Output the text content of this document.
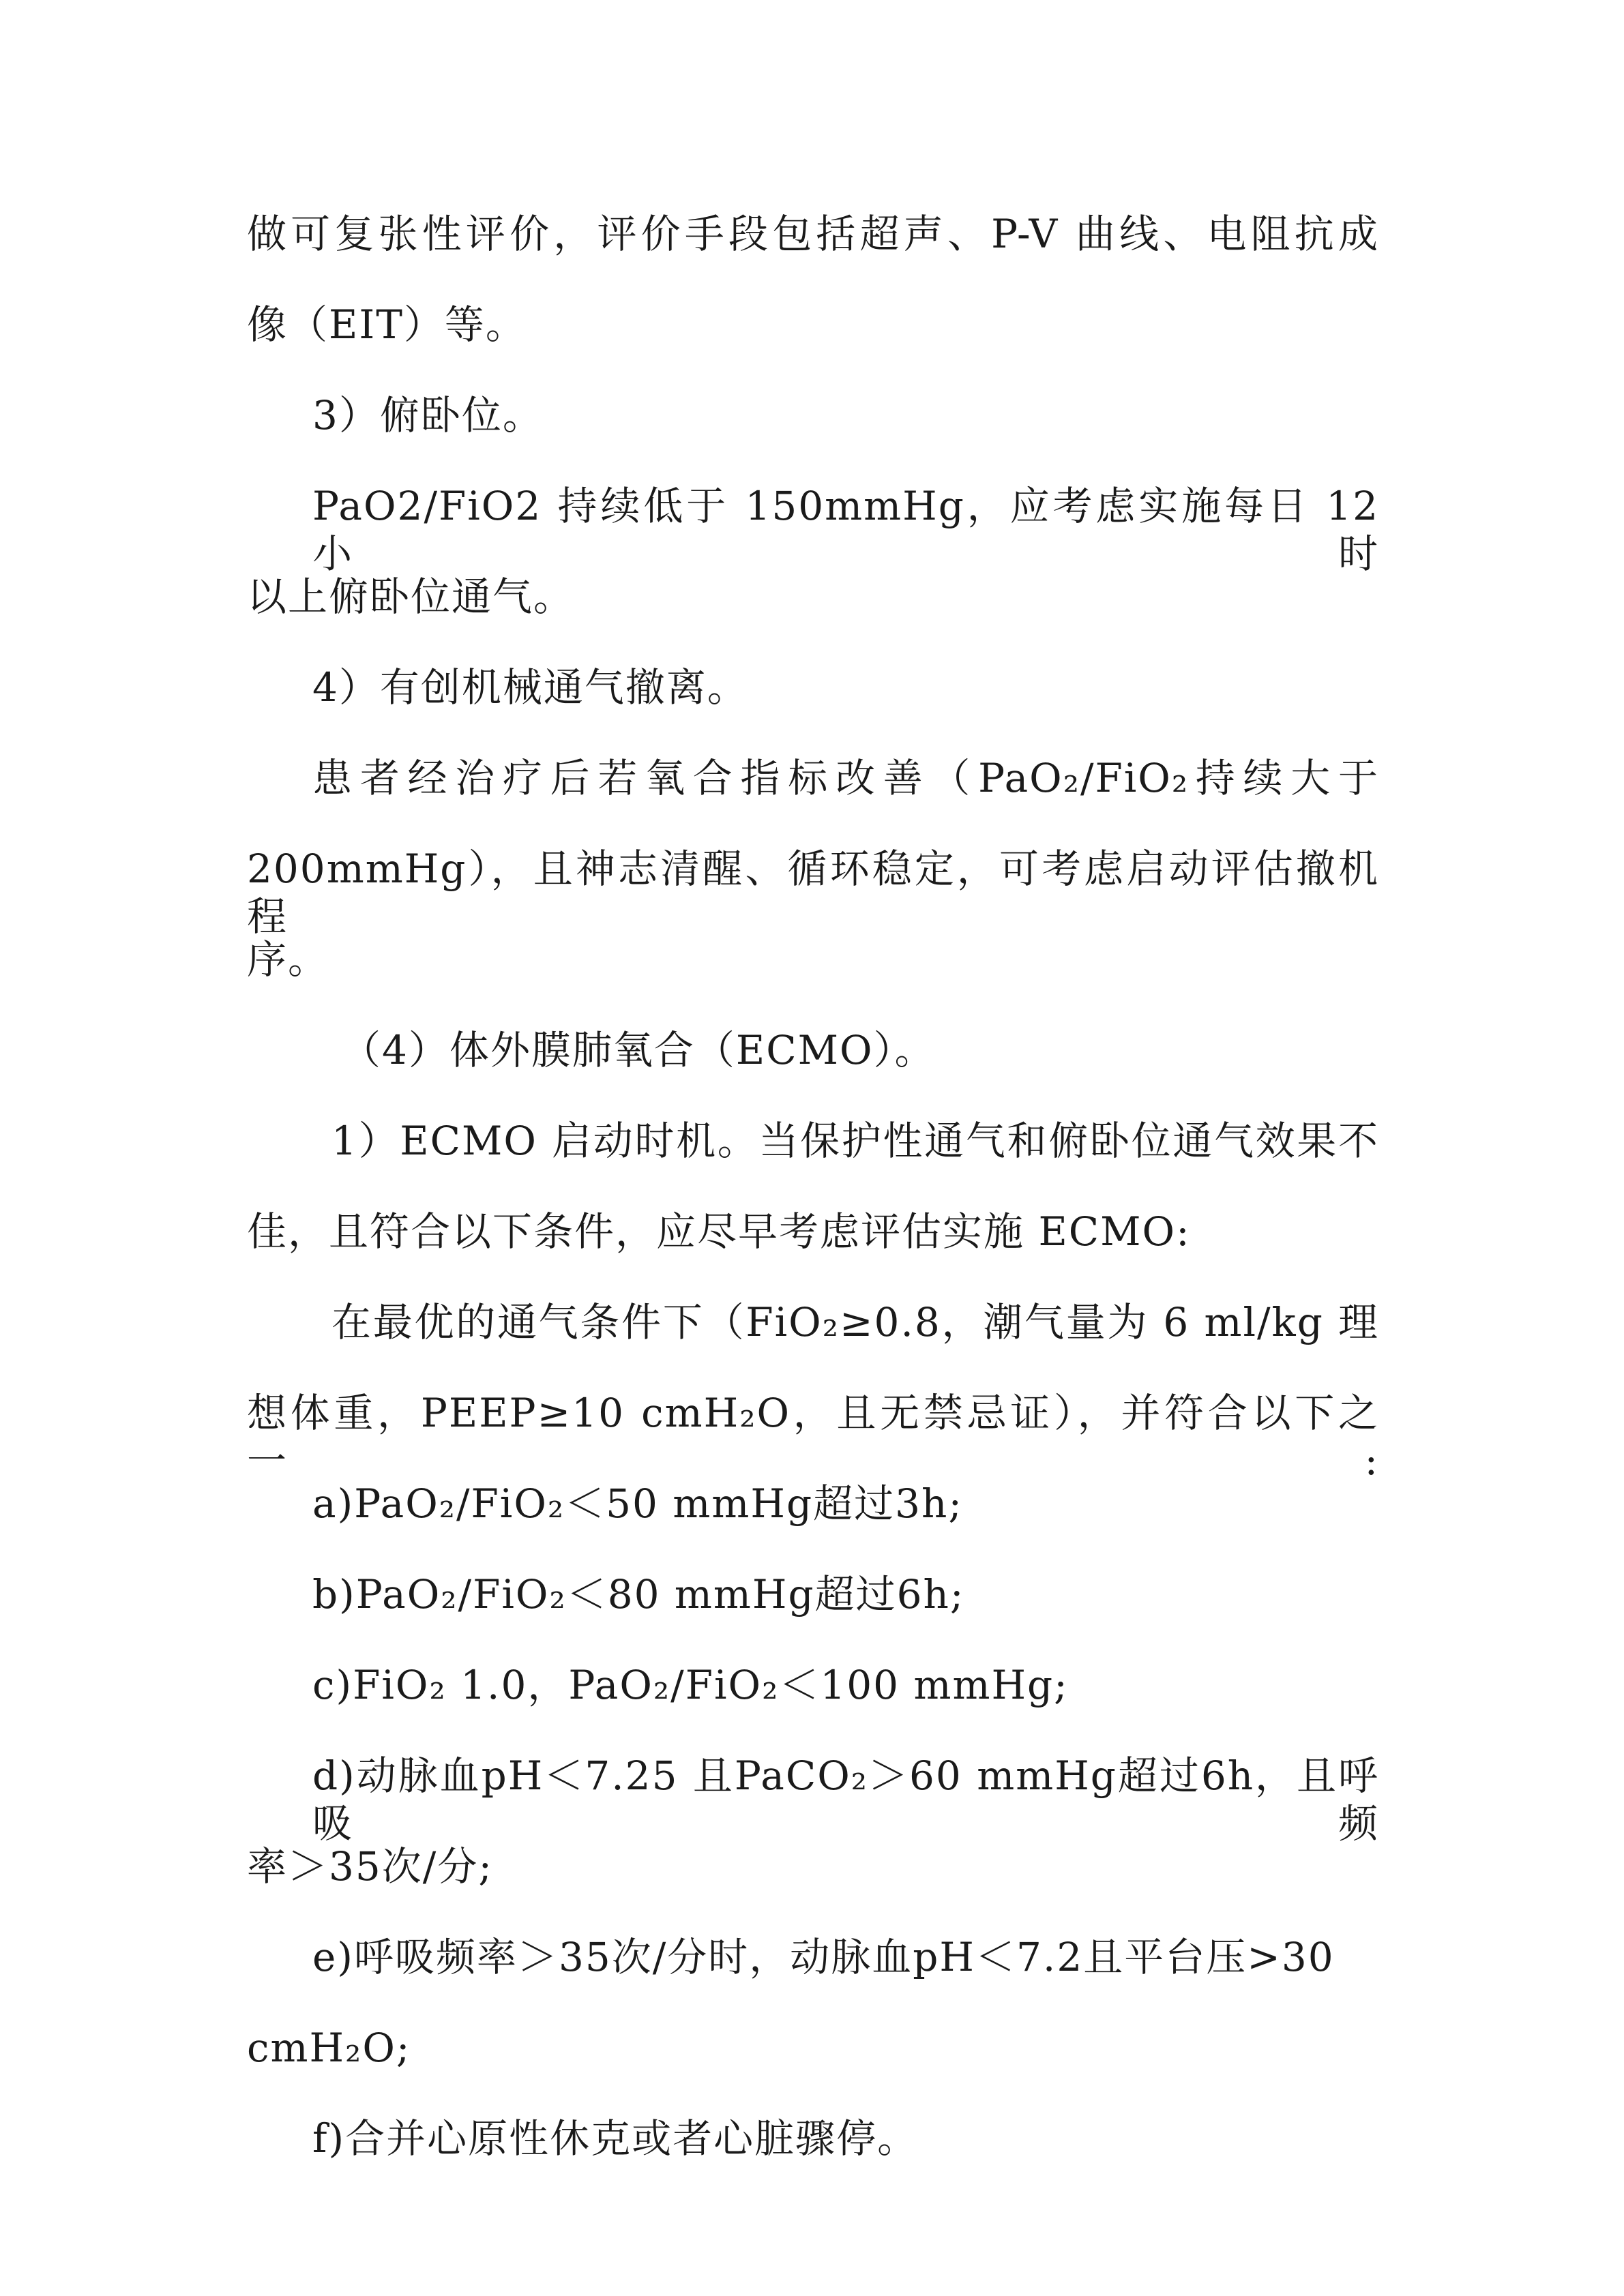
做可复张性评价，评价手段包括超声、P-V 曲线、电阻抗成
像（EIT）等。
3）俯卧位。
PaO2/FiO2 持续低于 150mmHg，应考虑实施每日 12 小时
以上俯卧位通气。
4）有创机械通气撤离。
患者经治疗后若氧合指标改善（PaO₂/FiO₂持续大于
200mmHg），且神志清醒、循环稳定，可考虑启动评估撤机程
序。
（4）体外膜肺氧合（ECMO）。
1）ECMO 启动时机。当保护性通气和俯卧位通气效果不
佳，且符合以下条件，应尽早考虑评估实施 ECMO:
在最优的通气条件下（FiO₂≥0.8，潮气量为 6 ml/kg 理
想体重，PEEP≥10 cmH₂O，且无禁忌证），并符合以下之一:
a)PaO₂/FiO₂＜50 mmHg超过3h;
b)PaO₂/FiO₂＜80 mmHg超过6h;
c)FiO₂ 1.0，PaO₂/FiO₂＜100 mmHg;
d)动脉血pH＜7.25 且PaCO₂＞60 mmHg超过6h，且呼吸频
率＞35次/分;
e)呼吸频率＞35次/分时，动脉血pH＜7.2且平台压>30
cmH₂O;
f)合并心原性休克或者心脏骤停。
